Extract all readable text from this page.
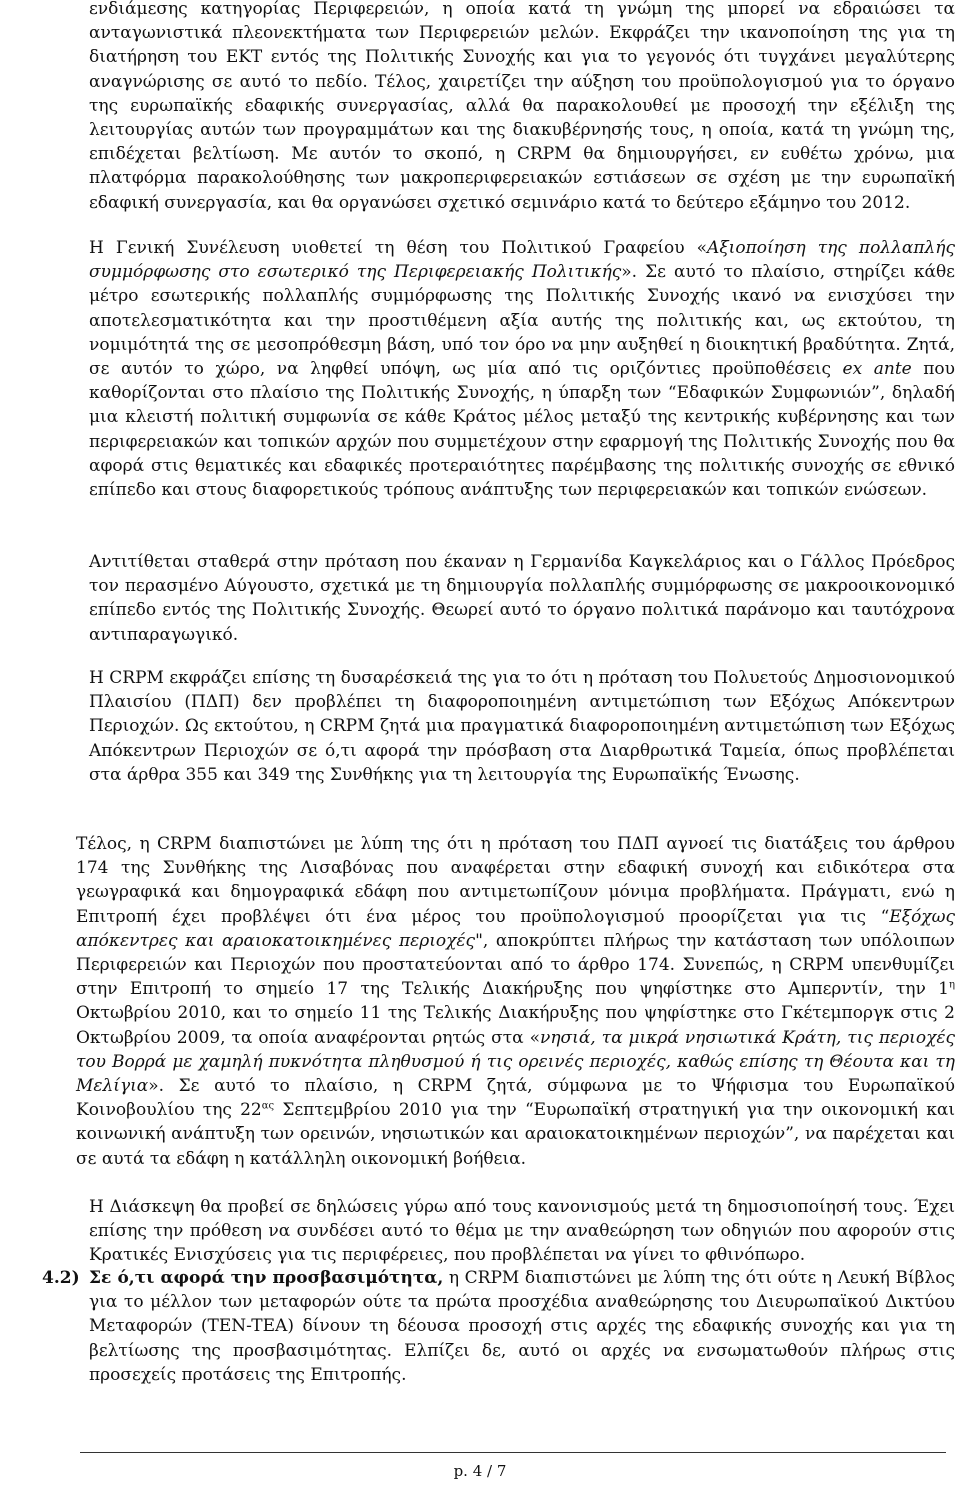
ενδιάμεσης κατηγορίας Περιφερειών, η οποία κατά τη γνώμη της μπορεί να εδραιώσει τα ανταγωνιστικά πλεονεκτήματα των Περιφερειών μελών. Εκφράζει την ικανοποίηση της για τη διατήρηση του ΕΚΤ εντός της Πολιτικής Συνοχής και για το γεγονός ότι τυγχάνει μεγαλύτερης αναγνώρισης σε αυτό το πεδίο. Τέλος, χαιρετίζει την αύξηση του προϋπολογισμού για το όργανο της ευρωπαϊκής εδαφικής συνεργασίας, αλλά θα παρακολουθεί με προσοχή την εξέλιξη της λειτουργίας αυτών των προγραμμάτων και της διακυβέρνησής τους, η οποία, κατά τη γνώμη της, επιδέχεται βελτίωση. Με αυτόν το σκοπό, η CRPM θα δημιουργήσει, εν ευθέτω χρόνω, μια πλατφόρμα παρακολούθησης των μακροπεριφερειακών εστιάσεων σε σχέση με την ευρωπαϊκή εδαφική συνεργασία, και θα οργανώσει σχετικό σεμινάριο κατά το δεύτερο εξάμηνο του 2012.

Η Γενική Συνέλευση υιοθετεί τη θέση του Πολιτικού Γραφείου «Αξιοποίηση της πολλαπλής συμμόρφωσης στο εσωτερικό της Περιφερειακής Πολιτικής». Σε αυτό το πλαίσιο, στηρίζει κάθε μέτρο εσωτερικής πολλαπλής συμμόρφωσης της Πολιτικής Συνοχής ικανό να ενισχύσει την αποτελεσματικότητα και την προστιθέμενη αξία αυτής της πολιτικής και, ως εκτούτου, τη νομιμότητά της σε μεσοπρόθεσμη βάση, υπό τον όρο να μην αυξηθεί η διοικητική βραδύτητα. Ζητά, σε αυτόν το χώρο, να ληφθεί υπόψη, ως μία από τις οριζόντιες προϋποθέσεις ex ante που καθορίζονται στο πλαίσιο της Πολιτικής Συνοχής, η ύπαρξη των “Εδαφικών Συμφωνιών”, δηλαδή μια κλειστή πολιτική συμφωνία σε κάθε Κράτος μέλος μεταξύ της κεντρικής κυβέρνησης και των περιφερειακών και τοπικών αρχών που συμμετέχουν στην εφαρμογή της Πολιτικής Συνοχής που θα αφορά στις θεματικές και εδαφικές προτεραιότητες παρέμβασης της πολιτικής συνοχής σε εθνικό επίπεδο και στους διαφορετικούς τρόπους ανάπτυξης των περιφερειακών και τοπικών ενώσεων.

Αντιτίθεται σταθερά στην πρόταση που έκαναν η Γερμανίδα Καγκελάριος και ο Γάλλος Πρόεδρος τον περασμένο Αύγουστο, σχετικά με τη δημιουργία πολλαπλής συμμόρφωσης σε μακροοικονομικό επίπεδο εντός της Πολιτικής Συνοχής. Θεωρεί αυτό το όργανο πολιτικά παράνομο και ταυτόχρονα αντιπαραγωγικό.

Η CRPM εκφράζει επίσης τη δυσαρέσκειά της για το ότι η πρόταση του Πολυετούς Δημοσιονομικού Πλαισίου (ΠΔΠ) δεν προβλέπει τη διαφοροποιημένη αντιμετώπιση των Εξόχως Απόκεντρων Περιοχών. Ως εκτούτου, η CRPM ζητά μια πραγματικά διαφοροποιημένη αντιμετώπιση των Εξόχως Απόκεντρων Περιοχών σε ό,τι αφορά την πρόσβαση στα Διαρθρωτικά Ταμεία, όπως προβλέπεται στα άρθρα 355 και 349 της Συνθήκης για τη λειτουργία της Ευρωπαϊκής Ένωσης.

Τέλος, η CRPM διαπιστώνει με λύπη της ότι η πρόταση του ΠΔΠ αγνοεί τις διατάξεις του άρθρου 174 της Συνθήκης της Λισαβόνας που αναφέρεται στην εδαφική συνοχή και ειδικότερα στα γεωγραφικά και δημογραφικά εδάφη που αντιμετωπίζουν μόνιμα προβλήματα. Πράγματι, ενώ η Επιτροπή έχει προβλέψει ότι ένα μέρος του προϋπολογισμού προορίζεται για τις “Εξόχως απόκεντρες και αραιοκατοικημένες περιοχές", αποκρύπτει πλήρως την κατάσταση των υπόλοιπων Περιφερειών και Περιοχών που προστατεύονται από το άρθρο 174. Συνεπώς, η CRPM υπενθυμίζει στην Επιτροπή το σημείο 17 της Τελικής Διακήρυξης που ψηφίστηκε στο Αμπερντίν, την $1^\eta$ Οκτωβρίου 2010, και το σημείο 11 της Τελικής Διακήρυξης που ψηφίστηκε στο Γκέτεμποργκ στις 2 Οκτωβρίου 2009, τα οποία αναφέρονται ρητώς στα «νησιά, τα μικρά νησιωτικά Κράτη, τις περιοχές του Βορρά με χαμηλή πυκνότητα πληθυσμού ή τις ορεινές περιοχές, καθώς επίσης τη Θέουτα και τη Μελίγια». Σε αυτό το πλαίσιο, η CRPM ζητά, σύμφωνα με το Ψήφισμα του Ευρωπαϊκού Κοινοβουλίου της $22^{\alpha\varsigma}$ Σεπτεμβρίου 2010 για την “Ευρωπαϊκή στρατηγική για την οικονομική και κοινωνική ανάπτυξη των ορεινών, νησιωτικών και αραιοκατοικημένων περιοχών”, να παρέχεται και σε αυτά τα εδάφη η κατάλληλη οικονομική βοήθεια.

Η Διάσκεψη θα προβεί σε δηλώσεις γύρω από τους κανονισμούς μετά τη δημοσιοποίησή τους. Έχει επίσης την πρόθεση να συνδέσει αυτό το θέμα με την αναθεώρηση των οδηγιών που αφορούν στις Κρατικές Ενισχύσεις για τις περιφέρειες, που προβλέπεται να γίνει το φθινόπωρο.

4.2) Σε ό,τι αφορά την προσβασιμότητα, η CRPM διαπιστώνει με λύπη της ότι ούτε η Λευκή Βίβλος για το μέλλον των μεταφορών ούτε τα πρώτα προσχέδια αναθεώρησης του Διευρωπαϊκού Δικτύου Μεταφορών (TEN-TEA) δίνουν τη δέουσα προσοχή στις αρχές της εδαφικής συνοχής και για τη βελτίωσης της προσβασιμότητας. Ελπίζει δε, αυτό οι αρχές να ενσωματωθούν πλήρως στις προσεχείς προτάσεις της Επιτροπής.

p. 4 / 7
